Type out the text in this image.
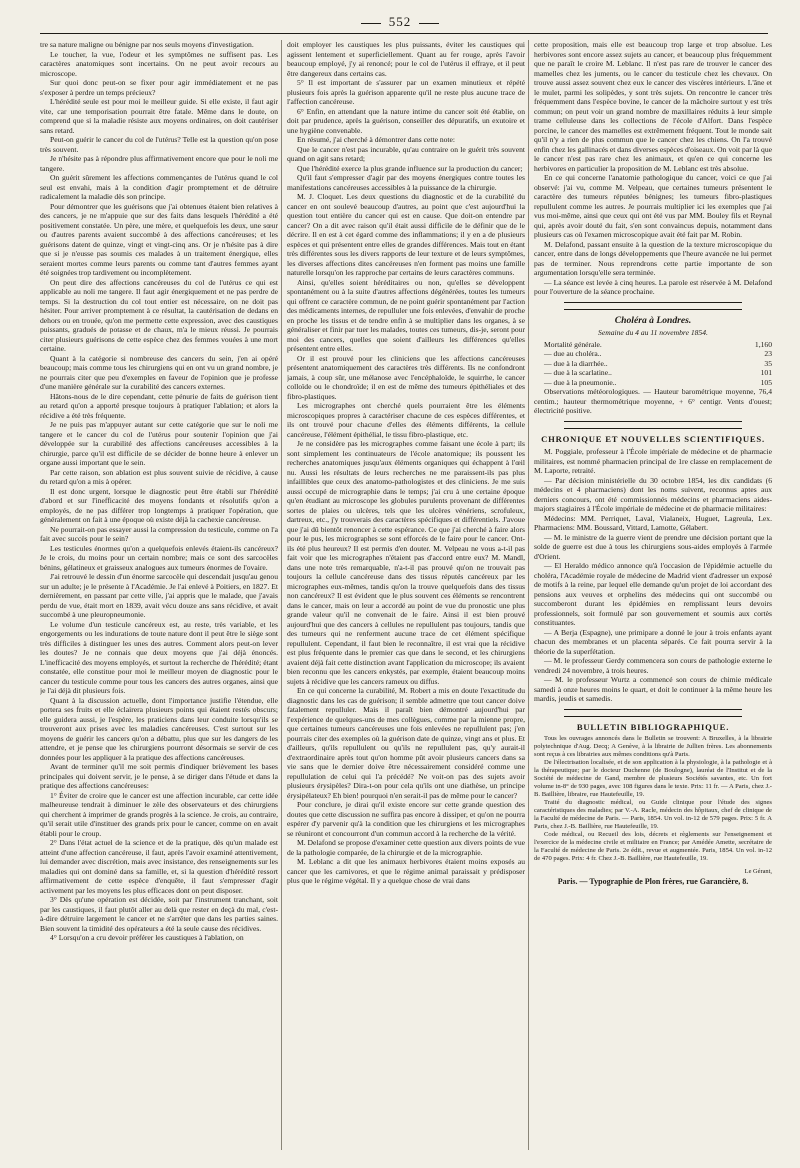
552

tre sa nature maligne ou bénigne par nos seuls moyens d'investigation.

Le toucher, la vue, l'odeur et les symptômes ne suffisent pas. Les caractères anatomiques sont incertains. On ne peut avoir recours au microscope.

Sur quoi donc peut-on se fixer pour agir immédiatement et ne pas s'exposer à perdre un temps précieux?

L'hérédité seule est pour moi le meilleur guide. Si elle existe, il faut agir vite, car une temporisation pourrait être fatale. Même dans le doute, on comprend que si la maladie résiste aux moyens ordinaires, on doit cautériser sans retard.

Peut-on guérir le cancer du col de l'utérus? Telle est la question qu'on pose très souvent.

Je n'hésite pas à répondre plus affirmativement encore que pour le noli me tangere.

On guérit sûrement les affections commençantes de l'utérus quand le col seul est envahi, mais à la condition d'agir promptement et de détruire radicalement la maladie dès son principe.

Pour démontrer que les guérisons que j'ai obtenues étaient bien relatives à des cancers, je ne m'appuie que sur des faits dans lesquels l'hérédité a été positivement constatée. Un père, une mère, et quelquefois les deux, une sœur ou d'autres parents avaient succombé à des affections cancéreuses; et les guérisons datent de quinze, vingt et vingt-cinq ans. Or je n'hésite pas à dire que si je n'eusse pas soumis ces malades à un traitement énergique, elles seraient mortes comme leurs parents ou comme tant d'autres femmes ayant été soignées trop tardivement ou incomplètement.

On peut dire des affections cancéreuses du col de l'utérus ce qui est applicable au noli me tangere. Il faut agir énergiquement et ne pas perdre de temps. Si la destruction du col tout entier est nécessaire, on ne doit pas hésiter. Pour arriver promptement à ce résultat, la cautérisation de dedans en dehors ou en trouée, qu'on me permette cette expression, avec des caustiques puissants, gradués de potasse et de chaux, m'a le mieux réussi. Je pourrais citer plusieurs guérisons de cette espèce chez des femmes vouées à une mort certaine.

Quant à la catégorie si nombreuse des cancers du sein, j'en ai opéré beaucoup; mais comme tous les chirurgiens qui en ont vu un grand nombre, je ne pourrais citer que peu d'exemples en faveur de l'opinion que je professe d'une manière générale sur la curabilité des cancers externes.

Hâtons-nous de le dire cependant, cette pénurie de faits de guérison tient au retard qu'on a apporté presque toujours à pratiquer l'ablation; et alors la récidive a été très fréquente.

Je ne puis pas m'appuyer autant sur cette catégorie que sur le noli me tangere et le cancer du col de l'utérus pour soutenir l'opinion que j'ai développée sur la curabilité des affections cancéreuses accessibles à la chirurgie, parce qu'il est difficile de se décider de bonne heure à enlever un organe aussi important que le sein.

Par cette raison, son ablation est plus souvent suivie de récidive, à cause du retard qu'on a mis à opérer.

Il est donc urgent, lorsque le diagnostic peut être établi sur l'hérédité d'abord et sur l'inefficacité des moyens fondants et résolutifs qu'on a employés, de ne pas différer trop longtemps à pratiquer l'opération, que généralement on fait à une époque où existe déjà la cachexie cancéreuse.

Ne pourrait-on pas essayer aussi la compression du testicule, comme on l'a fait avec succès pour le sein?

Les testicules énormes qu'on a quelquefois enlevés étaient-ils cancéreux? Je le crois, du moins pour un certain nombre; mais ce sont des sarcocèles bénins, gélatineux et graisseux analogues aux tumeurs énormes de l'ovaire.

J'ai retrouvé le dessin d'un énorme sarcocèle qui descendait jusqu'au genou sur un adulte; je le présente à l'Académie. Je l'ai enlevé à Poitiers, en 1827. Et dernièrement, en passant par cette ville, j'ai appris que le malade, que j'avais perdu de vue, était mort en 1839, avait vécu douze ans sans récidive, et avait succombé à une pleuropneumonie.

Le volume d'un testicule cancéreux est, au reste, très variable, et les engorgements ou les indurations de toute nature dont il peut être le siège sont très difficiles à distinguer les unes des autres. Comment alors peut-on lever les doutes? Je ne connais que deux moyens que j'ai déjà énoncés. L'inefficacité des moyens employés, et surtout la recherche de l'hérédité; étant constatée, elle constitue pour moi le meilleur moyen de diagnostic pour le cancer du testicule comme pour tous les cancers des autres organes, ainsi que je l'ai déjà dit plusieurs fois.

Quant à la discussion actuelle, dont l'importance justifie l'étendue, elle portera ses fruits et elle éclairera plusieurs points qui étaient restés obscurs; elle guidera aussi, je l'espère, les praticiens dans leur conduite lorsqu'ils se trouveront aux prises avec les maladies cancéreuses. C'est surtout sur les moyens de guérir les cancers qu'on a débattu, plus que sur les dangers de les attendre, et je pense que les chirurgiens pourront désormais se servir de ces données pour les appliquer à la pratique des affections cancéreuses.

Avant de terminer qu'il me soit permis d'indiquer brièvement les bases principales qui doivent servir, je le pense, à se diriger dans l'étude et dans la pratique des affections cancéreuses:

1° Éviter de croire que le cancer est une affection incurable, car cette idée malheureuse tendrait à diminuer le zèle des observateurs et des chirurgiens qui cherchent à imprimer de grands progrès à la science. Je crois, au contraire, qu'il serait utile d'instituer des grands prix pour le cancer, comme on en avait établi pour le croup.

2° Dans l'état actuel de la science et de la pratique, dès qu'un malade est atteint d'une affection cancéreuse, il faut, après l'avoir examiné attentivement, lui demander avec discrétion, mais avec insistance, des renseignements sur les maladies qui ont dominé dans sa famille, et, si la question d'hérédité ressort affirmativement de cette espèce d'enquête, il faut s'empresser d'agir activement par les moyens les plus efficaces dont on peut disposer.

3° Dès qu'une opération est décidée, soit par l'instrument tranchant, soit par les caustiques, il faut plutôt aller au delà que rester en deçà du mal, c'est-à-dire détruire largement le cancer et ne s'arrêter que dans les parties saines. Bien souvent la timidité des opérateurs a été la seule cause des récidives.

4° Lorsqu'on a cru devoir préférer les caustiques à l'ablation, on

doit employer les caustiques les plus puissants, éviter les caustiques qui agissent lentement et superficiellement. Quant au fer rouge, après l'avoir beaucoup employé, j'y ai renoncé; pour le col de l'utérus il effraye, et il peut être dangereux dans certains cas.

5° Il est important de s'assurer par un examen minutieux et répété plusieurs fois après la guérison apparente qu'il ne reste plus aucune trace de l'affection cancéreuse.

6° Enfin, en attendant que la nature intime du cancer soit été établie, on doit par prudence, après la guérison, conseiller des dépuratifs, un exutoire et une hygiène convenable.

En résumé, j'ai cherché à démontrer dans cette note:

Que le cancer n'est pas incurable, qu'au contraire on le guérit très souvent quand on agit sans retard;

Que l'hérédité exerce la plus grande influence sur la production du cancer;

Qu'il faut s'empresser d'agir par des moyens énergiques contre toutes les manifestations cancéreuses accessibles à la puissance de la chirurgie.

M. J. Cloquet. Les deux questions du diagnostic et de la curabilité du cancer en ont soulevé beaucoup d'autres, au point que c'est aujourd'hui la question tout entière du cancer qui est en cause. Que doit-on entendre par cancer? On a dit avec raison qu'il était aussi difficile de le définir que de le décrire. Il en est à cet égard comme des inflammations; il y en a de plusieurs espèces et qui présentent entre elles de grandes différences. Mais tout en étant très différentes sous les divers rapports de leur texture et de leurs symptômes, les diverses affections dites cancéreuses n'en forment pas moins une famille naturelle lorsqu'on les rapproche par certains de leurs caractères communs.

Ainsi, qu'elles soient héréditaires ou non, qu'elles se développent spontanément ou à la suite d'autres affections dégénérées, toutes les tumeurs qui offrent ce caractère commun, de ne point guérir spontanément par l'action des médicaments internes, de repulluler une fois enlevées, d'envahir de proche en proche les tissus et de tendre enfin à se multiplier dans les organes, à se généraliser et finir par tuer les malades, toutes ces tumeurs, dis-je, seront pour moi des cancers, quelles que soient d'ailleurs les différences qu'elles présentent entre elles.

Or il est prouvé pour les cliniciens que les affections cancéreuses présentent anatomiquement des caractères très différents. Ils ne confondront jamais, à coup sûr, une mélanose avec l'encéphaloïde, le squirrhe, le cancer colloïde ou le chondroïde; il en est de même des tumeurs épithéliales et des fibro-plastiques.

Les micrographes ont cherché quels pourraient être les éléments microscopiques propres à caractériser chacune de ces espèces différentes, et ils ont trouvé pour chacune d'elles des éléments différents, la cellule cancéreuse, l'élément épithélial, le tissu fibro-plastique, etc.

Je ne considère pas les micrographes comme faisant une école à part; ils sont simplement les continuateurs de l'école anatomique; ils poussent les recherches anatomiques jusqu'aux éléments organiques qui échappent à l'œil nu. Aussi les résultats de leurs recherches ne me paraissent-ils pas plus infaillibles que ceux des anatomo-pathologistes et des cliniciens. Je me suis aussi occupé de micrographie dans le temps; j'ai cru à une certaine époque qu'en étudiant au microscope les globules purulents provenant de différentes sortes de plaies ou ulcères, tels que les ulcères vénériens, scrofuleux, dartreux, etc., j'y trouverais des caractères spécifiques et différentiels. J'avoue que j'ai dû bientôt renoncer à cette espérance. Ce que j'ai cherché à faire alors pour le pus, les micrographes se sont efforcés de le faire pour le cancer. Ont-ils été plus heureux? Il est permis d'en douter. M. Velpeau ne vous a-t-il pas fait voir que les micrographes n'étaient pas d'accord entre eux? M. Mandl, dans une note très remarquable, n'a-t-il pas prouvé qu'on ne trouvait pas toujours la cellule cancéreuse dans des tissus réputés cancéreux par les micrographes eux-mêmes, tandis qu'on la trouve quelquefois dans des tissus non cancéreux? Il est évident que le plus souvent ces éléments se rencontrent dans le cancer, mais on leur a accordé au point de vue du pronostic une plus grande valeur qu'il ne convenait de le faire. Ainsi il est bien prouvé aujourd'hui que des cancers à cellules ne repullulent pas toujours, tandis que des tumeurs qui ne renferment aucune trace de cet élément spécifique repullulent. Cependant, il faut bien le reconnaître, il est vrai que la récidive est plus fréquente dans le premier cas que dans le second, et les chirurgiens avaient déjà fait cette distinction avant l'application du microscope; ils avaient bien reconnu que les cancers enkystés, par exemple, étaient beaucoup moins sujets à récidive que les cancers rameux ou diffus.

En ce qui concerne la curabilité, M. Robert a mis en doute l'exactitude du diagnostic dans les cas de guérison; il semble admettre que tout cancer doive fatalement repulluler. Mais il paraît bien démontré aujourd'hui par l'expérience de quelques-uns de mes collègues, comme par la mienne propre, que certaines tumeurs cancéreuses une fois enlevées ne repullulent pas; j'en pourrais citer des exemples où la guérison date de quinze, vingt ans et plus. Et d'ailleurs, qu'ils repullulent ou qu'ils ne repullulent pas, qu'y aurait-il d'extraordinaire après tout qu'on homme pût avoir plusieurs cancers dans sa vie sans que le dernier doive être nécessairement considéré comme une repullulation de celui qui l'a précédé? Ne voit-on pas des sujets avoir plusieurs érysipèles? Dira-t-on pour cela qu'ils ont une diathèse, un principe érysipélateux? Eh bien! pourquoi n'en serait-il pas de même pour le cancer?

Pour conclure, je dirai qu'il existe encore sur cette grande question des doutes que cette discussion ne suffira pas encore à dissiper, et qu'on ne pourra espérer d'y parvenir qu'à la condition que les chirurgiens et les micrographes se réuniront et concourront d'un commun accord à la recherche de la vérité.

M. Delafond se propose d'examiner cette question aux divers points de vue de la pathologie comparée, de la chirurgie et de la micrographie.

M. Leblanc a dit que les animaux herbivores étaient moins exposés au cancer que les carnivores, et que le régime animal paraissait y prédisposer plus que le régime végétal. Il y a quelque chose de vrai dans

cette proposition, mais elle est beaucoup trop large et trop absolue. Les herbivores sont encore assez sujets au cancer, et beaucoup plus fréquemment que ne paraît le croire M. Leblanc. Il n'est pas rare de trouver le cancer des mamelles chez les juments, ou le cancer du testicule chez les chevaux. On trouve aussi assez souvent chez eux le cancer des viscères intérieurs. L'âne et le mulet, parmi les solipèdes, y sont très sujets. On rencontre le cancer très fréquemment dans l'espèce bovine, le cancer de la mâchoire surtout y est très commun; on peut voir un grand nombre de maxillaires réduits à leur simple trame celluleuse dans les collections de l'école d'Alfort. Dans l'espèce porcine, le cancer des mamelles est extrêmement fréquent. Tout le monde sait qu'il n'y a rien de plus commun que le cancer chez les chiens. On l'a trouvé enfin chez les gallinacés et dans diverses espèces d'oiseaux. On voit par là que le cancer n'est pas rare chez les animaux, et qu'en ce qui concerne les herbivores en particulier la proposition de M. Leblanc est très absolue.

En ce qui concerne l'anatomie pathologique du cancer, voici ce que j'ai observé: j'ai vu, comme M. Velpeau, que certaines tumeurs présentent le caractère des tumeurs réputées bénignes; les tumeurs fibro-plastiques repullulent comme les autres. Je pourrais multiplier ici les exemples que j'ai vus moi-même, ainsi que ceux qui ont été vus par MM. Bouley fils et Reynal qui, après avoir douté du fait, s'en sont convaincus depuis, notamment dans plusieurs cas où l'examen microscopique avait été fait par M. Robin.

M. Delafond, passant ensuite à la question de la texture microscopique du cancer, entre dans de longs développements que l'heure avancée ne lui permet pas de terminer. Nous reprendrons cette partie importante de son argumentation lorsqu'elle sera terminée.

— La séance est levée à cinq heures. La parole est réservée à M. Delafond pour l'ouverture de la séance prochaine.

Choléra à Londres.

Semaine du 4 au 11 novembre 1854.

Mortalité générale.	1,160
— due au choléra..	23
— due à la diarrhée..	35
— due à la scarlatine..	101
— due à la pneumonie..	105

Observations météorologiques. — Hauteur barométrique moyenne, 76,4 centim.; hauteur thermométrique moyenne, + 6° centigr. Vents d'ouest; électricité positive.

CHRONIQUE ET NOUVELLES SCIENTIFIQUES.

M. Poggiale, professeur à l'École impériale de médecine et de pharmacie militaires, est nommé pharmacien principal de 1re classe en remplacement de M. Laporte, retraité.

— Par décision ministérielle du 30 octobre 1854, les dix candidats (6 médecins et 4 pharmaciens) dont les noms suivent, reconnus aptes aux derniers concours, ont été commissionnés médecins et pharmaciens aides-majors stagiaires à l'École impériale de médecine et de pharmacie militaires:

Médecins: MM. Perriquet, Laval, Vialaneix, Huguet, Lagreula, Lex. Pharmaciens: MM. Boussard, Vittard, Lamotte, Gélabert.

— M. le ministre de la guerre vient de prendre une décision portant que la solde de guerre est due à tous les chirurgiens sous-aides employés à l'armée d'Orient.

— El Heraldo médico annonce qu'à l'occasion de l'épidémie actuelle du choléra, l'Académie royale de médecine de Madrid vient d'adresser un exposé de motifs à la reine, par lequel elle demande qu'un projet de loi accordant des pensions aux veuves et orphelins des médecins qui ont succombé ou succomberont durant les épidémies en remplissant leurs devoirs professionnels, soit formulé par son gouvernement et soumis aux cortès constituantes.

— A Berja (Espagne), une primipare a donné le jour à trois enfants ayant chacun des membranes et un placenta séparés. Ce fait pourra servir à la théorie de la superfétation.

— M. le professeur Gerdy commencera son cours de pathologie externe le vendredi 24 novembre, à trois heures.

— M. le professeur Wurtz a commencé son cours de chimie médicale samedi à onze heures moins le quart, et doit le continuer à la même heure les mardis, jeudis et samedis.

BULLETIN BIBLIOGRAPHIQUE.

Tous les ouvrages annoncés dans le Bulletin se trouvent: A Bruxelles, à la librairie polytechnique d'Aug. Decq; A Genève, à la librairie de Jullien frères. Les abonnements sont reçus à ces librairies aux mêmes conditions qu'à Paris.

De l'électrisation localisée, et de son application à la physiologie, à la pathologie et à la thérapeutique; par le docteur Duchenne (de Boulogne), lauréat de l'Institut et de la Société de médecine de Gand, membre de plusieurs Sociétés savantes, etc. Un fort volume in-8° de 930 pages, avec 108 figures dans le texte. Prix: 11 fr. — A Paris, chez J.-B. Baillière, libraire, rue Hautefeuille, 19.

Traité du diagnostic médical, ou Guide clinique pour l'étude des signes caractéristiques des maladies; par V.-A. Racle, médecin des hôpitaux, chef de clinique de la Faculté de médecine de Paris. — Paris, 1854. Un vol. in-12 de 579 pages. Prix: 5 fr. A Paris, chez J.-B. Baillière, rue Hautefeuille, 19.

Code médical, ou Recueil des lois, décrets et règlements sur l'enseignement et l'exercice de la médecine civile et militaire en France; par Amédée Amette, secrétaire de la Faculté de médecine de Paris. 2e édit., revue et augmentée. Paris, 1854. Un vol. in-12 de 470 pages. Prix: 4 fr. Chez J.-B. Baillière, rue Hautefeuille, 19.

Le Gérant,

Paris. — Typographie de Plon frères, rue Garancière, 8.
